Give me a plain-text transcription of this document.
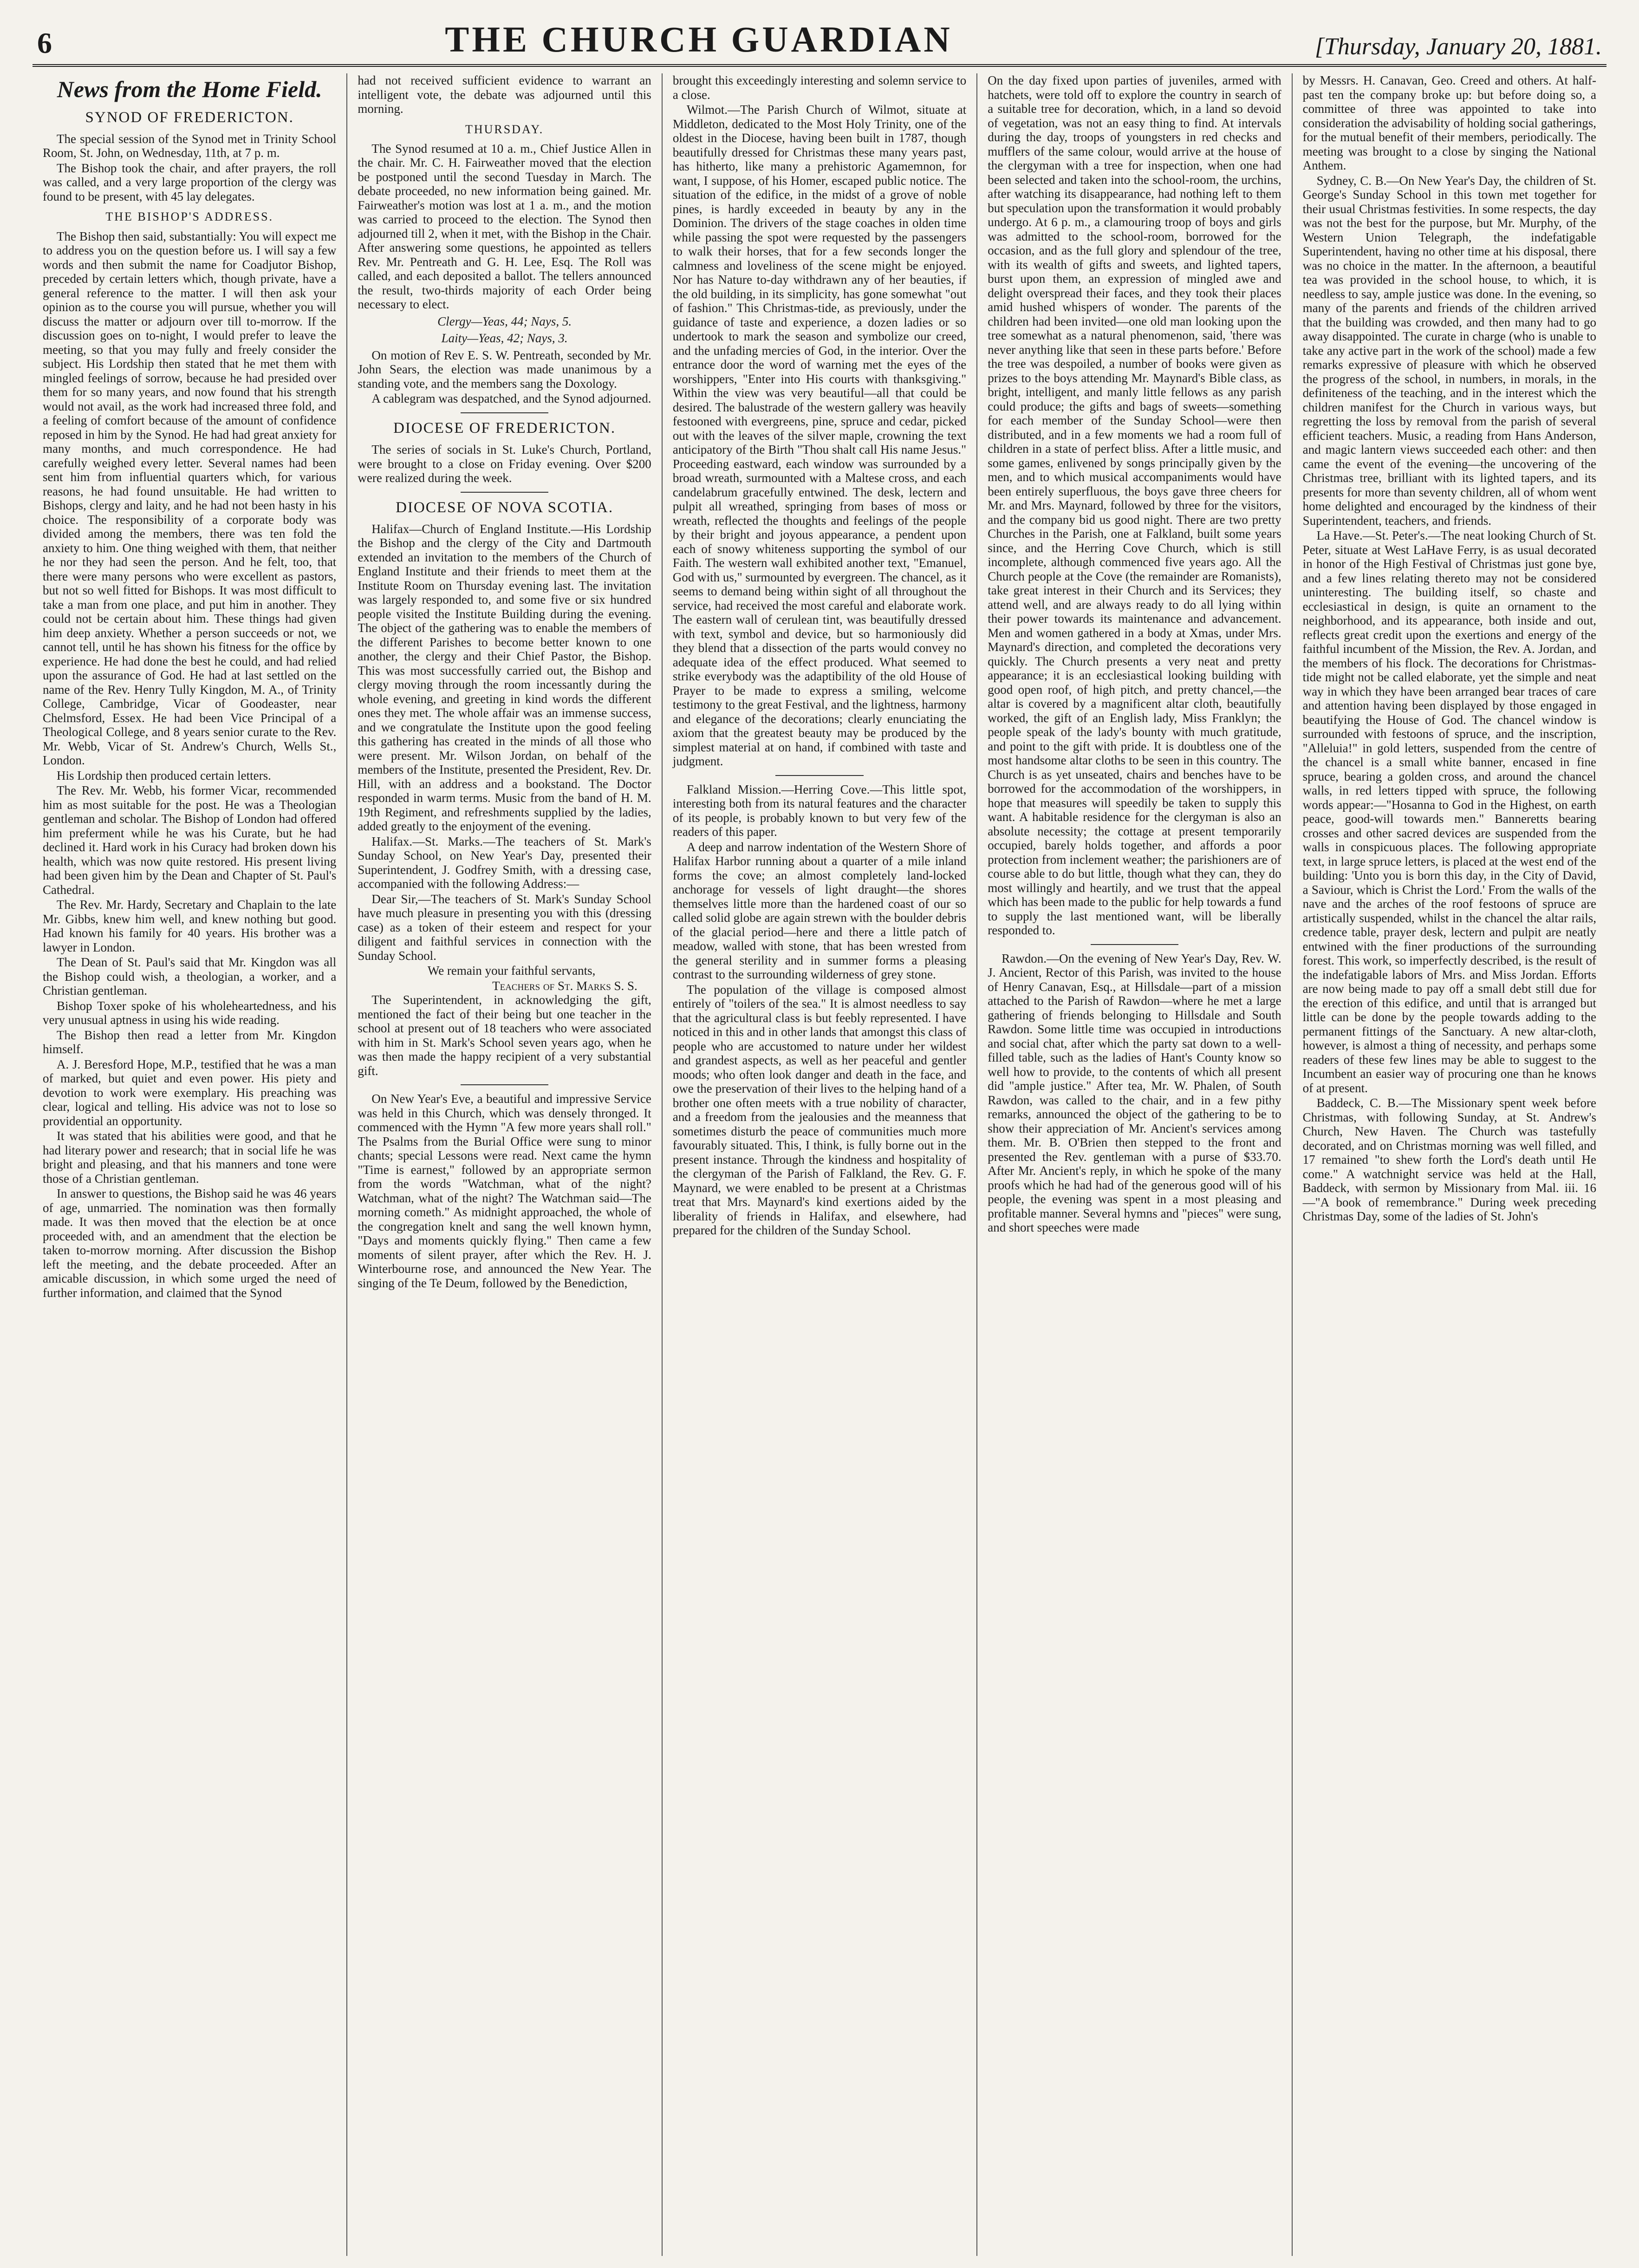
6	THE CHURCH GUARDIAN	[Thursday, January 20, 1881.
News from the Home Field.
SYNOD OF FREDERICTON.

The special session of the Synod met in Trinity School Room, St. John, on Wednesday, 11th, at 7 p. m.

The Bishop took the chair, and after prayers, the roll was called, and a very large proportion of the clergy was found to be present, with 45 lay delegates.

THE BISHOP'S ADDRESS.

The Bishop then said, substantially: You will expect me to address you on the question before us. I will say a few words and then submit the name for Coadjutor Bishop, preceded by certain letters which, though private, have a general reference to the matter. I will then ask your opinion as to the course you will pursue, whether you will discuss the matter or adjourn over till to-morrow. If the discussion goes on to-night, I would prefer to leave the meeting, so that you may fully and freely consider the subject. His Lordship then stated that he met them with mingled feelings of sorrow, because he had presided over them for so many years, and now found that his strength would not avail, as the work had increased three fold, and a feeling of comfort because of the amount of confidence reposed in him by the Synod. He had had great anxiety for many months, and much correspondence. He had carefully weighed every letter. Several names had been sent him from influential quarters which, for various reasons, he had found unsuitable. He had written to Bishops, clergy and laity, and he had not been hasty in his choice. The responsibility of a corporate body was divided among the members, there was ten fold the anxiety to him. One thing weighed with them, that neither he nor they had seen the person. And he felt, too, that there were many persons who were excellent as pastors, but not so well fitted for Bishops. It was most difficult to take a man from one place, and put him in another. They could not be certain about him. These things had given him deep anxiety. Whether a person succeeds or not, we cannot tell, until he has shown his fitness for the office by experience. He had done the best he could, and had relied upon the assurance of God. He had at last settled on the name of the Rev. Henry Tully Kingdon, M. A., of Trinity College, Cambridge, Vicar of Goodeaster, near Chelmsford, Essex. He had been Vice Principal of a Theological College, and 8 years senior curate to the Rev. Mr. Webb, Vicar of St. Andrew's Church, Wells St., London.

His Lordship then produced certain letters.

The Rev. Mr. Webb, his former Vicar, recommended him as most suitable for the post. He was a Theologian gentleman and scholar. The Bishop of London had offered him preferment while he was his Curate, but he had declined it. Hard work in his Curacy had broken down his health, which was now quite restored. His present living had been given him by the Dean and Chapter of St. Paul's Cathedral.

The Rev. Mr. Hardy, Secretary and Chaplain to the late Mr. Gibbs, knew him well, and knew nothing but good. Had known his family for 40 years. His brother was a lawyer in London.

The Dean of St. Paul's said that Mr. Kingdon was all the Bishop could wish, a theologian, a worker, and a Christian gentleman.

Bishop Toxer spoke of his wholeheartedness, and his very unusual aptness in using his wide reading.

The Bishop then read a letter from Mr. Kingdon himself.

A. J. Beresford Hope, M.P., testified that he was a man of marked, but quiet and even power. His piety and devotion to work were exemplary. His preaching was clear, logical and telling. His advice was not to lose so providential an opportunity.

It was stated that his abilities were good, and that he had literary power and research; that in social life he was bright and pleasing, and that his manners and tone were those of a Christian gentleman.

In answer to questions, the Bishop said he was 46 years of age, unmarried. The nomination was then formally made. It was then moved that the election be at once proceeded with, and an amendment that the election be taken to-morrow morning. After discussion the Bishop left the meeting, and the debate proceeded. After an amicable discussion, in which some urged the need of further information, and claimed that the Synod

had not received sufficient evidence to warrant an intelligent vote, the debate was adjourned until this morning.

THURSDAY.

The Synod resumed at 10 a. m., Chief Justice Allen in the chair. Mr. C. H. Fairweather moved that the election be postponed until the second Tuesday in March. The debate proceeded, no new information being gained. Mr. Fairweather's motion was lost at 1 a. m., and the motion was carried to proceed to the election. The Synod then adjourned till 2, when it met, with the Bishop in the Chair. After answering some questions, he appointed as tellers Rev. Mr. Pentreath and G. H. Lee, Esq. The Roll was called, and each deposited a ballot. The tellers announced the result, two-thirds majority of each Order being necessary to elect.

Clergy—Yeas, 44; Nays, 5.
Laity—Yeas, 42; Nays, 3.

On motion of Rev E. S. W. Pentreath, seconded by Mr. John Sears, the election was made unanimous by a standing vote, and the members sang the Doxology.

A cablegram was despatched, and the Synod adjourned.

DIOCESE OF FREDERICTON.

The series of socials in St. Luke's Church, Portland, were brought to a close on Friday evening. Over $200 were realized during the week.

DIOCESE OF NOVA SCOTIA.

Halifax—Church of England Institute.—His Lordship the Bishop and the clergy of the City and Dartmouth extended an invitation to the members of the Church of England Institute and their friends to meet them at the Institute Room on Thursday evening last. The invitation was largely responded to, and some five or six hundred people visited the Institute Building during the evening. The object of the gathering was to enable the members of the different Parishes to become better known to one another, the clergy and their Chief Pastor, the Bishop. This was most successfully carried out, the Bishop and clergy moving through the room incessantly during the whole evening, and greeting in kind words the different ones they met. The whole affair was an immense success, and we congratulate the Institute upon the good feeling this gathering has created in the minds of all those who were present. Mr. Wilson Jordan, on behalf of the members of the Institute, presented the President, Rev. Dr. Hill, with an address and a bookstand. The Doctor responded in warm terms. Music from the band of H. M. 19th Regiment, and refreshments supplied by the ladies, added greatly to the enjoyment of the evening.

Halifax.—St. Marks.—The teachers of St. Mark's Sunday School, on New Year's Day, presented their Superintendent, J. Godfrey Smith, with a dressing case, accompanied with the following Address:—

Dear Sir,—The teachers of St. Mark's Sunday School have much pleasure in presenting you with this (dressing case) as a token of their esteem and respect for your diligent and faithful services in connection with the Sunday School.

We remain your faithful servants,

Teachers of St. Marks S. S.

The Superintendent, in acknowledging the gift, mentioned the fact of their being but one teacher in the school at present out of 18 teachers who were associated with him in St. Mark's School seven years ago, when he was then made the happy recipient of a very substantial gift.

On New Year's Eve, a beautiful and impressive Service was held in this Church, which was densely thronged. It commenced with the Hymn "A few more years shall roll." The Psalms from the Burial Office were sung to minor chants; special Lessons were read. Next came the hymn "Time is earnest," followed by an appropriate sermon from the words "Watchman, what of the night? Watchman, what of the night? The Watchman said—The morning cometh." As midnight approached, the whole of the congregation knelt and sang the well known hymn, "Days and moments quickly flying." Then came a few moments of silent prayer, after which the Rev. H. J. Winterbourne rose, and announced the New Year. The singing of the Te Deum, followed by the Benediction,

brought this exceedingly interesting and solemn service to a close.

Wilmot.—The Parish Church of Wilmot, situate at Middleton, dedicated to the Most Holy Trinity, one of the oldest in the Diocese, having been built in 1787, though beautifully dressed for Christmas these many years past, has hitherto, like many a prehistoric Agamemnon, for want, I suppose, of his Homer, escaped public notice. The situation of the edifice, in the midst of a grove of noble pines, is hardly exceeded in beauty by any in the Dominion. The drivers of the stage coaches in olden time while passing the spot were requested by the passengers to walk their horses, that for a few seconds longer the calmness and loveliness of the scene might be enjoyed. Nor has Nature to-day withdrawn any of her beauties, if the old building, in its simplicity, has gone somewhat "out of fashion." This Christmas-tide, as previously, under the guidance of taste and experience, a dozen ladies or so undertook to mark the season and symbolize our creed, and the unfading mercies of God, in the interior. Over the entrance door the word of warning met the eyes of the worshippers, "Enter into His courts with thanksgiving." Within the view was very beautiful—all that could be desired. The balustrade of the western gallery was heavily festooned with evergreens, pine, spruce and cedar, picked out with the leaves of the silver maple, crowning the text anticipatory of the Birth "Thou shalt call His name Jesus." Proceeding eastward, each window was surrounded by a broad wreath, surmounted with a Maltese cross, and each candelabrum gracefully entwined. The desk, lectern and pulpit all wreathed, springing from bases of moss or wreath, reflected the thoughts and feelings of the people by their bright and joyous appearance, a pendent upon each of snowy whiteness supporting the symbol of our Faith. The western wall exhibited another text, "Emanuel, God with us," surmounted by evergreen. The chancel, as it seems to demand being within sight of all throughout the service, had received the most careful and elaborate work. The eastern wall of cerulean tint, was beautifully dressed with text, symbol and device, but so harmoniously did they blend that a dissection of the parts would convey no adequate idea of the effect produced. What seemed to strike everybody was the adaptibility of the old House of Prayer to be made to express a smiling, welcome testimony to the great Festival, and the lightness, harmony and elegance of the decorations; clearly enunciating the axiom that the greatest beauty may be produced by the simplest material at on hand, if combined with taste and judgment.

Falkland Mission.—Herring Cove.—This little spot, interesting both from its natural features and the character of its people, is probably known to but very few of the readers of this paper.

A deep and narrow indentation of the Western Shore of Halifax Harbor running about a quarter of a mile inland forms the cove; an almost completely land-locked anchorage for vessels of light draught—the shores themselves little more than the hardened coast of our so called solid globe are again strewn with the boulder debris of the glacial period—here and there a little patch of meadow, walled with stone, that has been wrested from the general sterility and in summer forms a pleasing contrast to the surrounding wilderness of grey stone.

The population of the village is composed almost entirely of "toilers of the sea." It is almost needless to say that the agricultural class is but feebly represented. I have noticed in this and in other lands that amongst this class of people who are accustomed to nature under her wildest and grandest aspects, as well as her peaceful and gentler moods; who often look danger and death in the face, and owe the preservation of their lives to the helping hand of a brother one often meets with a true nobility of character, and a freedom from the jealousies and the meanness that sometimes disturb the peace of communities much more favourably situated. This, I think, is fully borne out in the present instance. Through the kindness and hospitality of the clergyman of the Parish of Falkland, the Rev. G. F. Maynard, we were enabled to be present at a Christmas treat that Mrs. Maynard's kind exertions aided by the liberality of friends in Halifax, and elsewhere, had prepared for the children of the Sunday School.

On the day fixed upon parties of juveniles, armed with hatchets, were told off to explore the country in search of a suitable tree for decoration, which, in a land so devoid of vegetation, was not an easy thing to find. At intervals during the day, troops of youngsters in red checks and mufflers of the same colour, would arrive at the house of the clergyman with a tree for inspection, when one had been selected and taken into the school-room, the urchins, after watching its disappearance, had nothing left to them but speculation upon the transformation it would probably undergo. At 6 p. m., a clamouring troop of boys and girls was admitted to the school-room, borrowed for the occasion, and as the full glory and splendour of the tree, with its wealth of gifts and sweets, and lighted tapers, burst upon them, an expression of mingled awe and delight overspread their faces, and they took their places amid hushed whispers of wonder. The parents of the children had been invited—one old man looking upon the tree somewhat as a natural phenomenon, said, 'there was never anything like that seen in these parts before.' Before the tree was despoiled, a number of books were given as prizes to the boys attending Mr. Maynard's Bible class, as bright, intelligent, and manly little fellows as any parish could produce; the gifts and bags of sweets—something for each member of the Sunday School—were then distributed, and in a few moments we had a room full of children in a state of perfect bliss. After a little music, and some games, enlivened by songs principally given by the men, and to which musical accompaniments would have been entirely superfluous, the boys gave three cheers for Mr. and Mrs. Maynard, followed by three for the visitors, and the company bid us good night. There are two pretty Churches in the Parish, one at Falkland, built some years since, and the Herring Cove Church, which is still incomplete, although commenced five years ago. All the Church people at the Cove (the remainder are Romanists), take great interest in their Church and its Services; they attend well, and are always ready to do all lying within their power towards its maintenance and advancement. Men and women gathered in a body at Xmas, under Mrs. Maynard's direction, and completed the decorations very quickly. The Church presents a very neat and pretty appearance; it is an ecclesiastical looking building with good open roof, of high pitch, and pretty chancel,—the altar is covered by a magnificent altar cloth, beautifully worked, the gift of an English lady, Miss Franklyn; the people speak of the lady's bounty with much gratitude, and point to the gift with pride. It is doubtless one of the most handsome altar cloths to be seen in this country. The Church is as yet unseated, chairs and benches have to be borrowed for the accommodation of the worshippers, in hope that measures will speedily be taken to supply this want. A habitable residence for the clergyman is also an absolute necessity; the cottage at present temporarily occupied, barely holds together, and affords a poor protection from inclement weather; the parishioners are of course able to do but little, though what they can, they do most willingly and heartily, and we trust that the appeal which has been made to the public for help towards a fund to supply the last mentioned want, will be liberally responded to.

Rawdon.—On the evening of New Year's Day, Rev. W. J. Ancient, Rector of this Parish, was invited to the house of Henry Canavan, Esq., at Hillsdale—part of a mission attached to the Parish of Rawdon—where he met a large gathering of friends belonging to Hillsdale and South Rawdon. Some little time was occupied in introductions and social chat, after which the party sat down to a well-filled table, such as the ladies of Hant's County know so well how to provide, to the contents of which all present did "ample justice." After tea, Mr. W. Phalen, of South Rawdon, was called to the chair, and in a few pithy remarks, announced the object of the gathering to be to show their appreciation of Mr. Ancient's services among them. Mr. B. O'Brien then stepped to the front and presented the Rev. gentleman with a purse of $33.70. After Mr. Ancient's reply, in which he spoke of the many proofs which he had had of the generous good will of his people, the evening was spent in a most pleasing and profitable manner. Several hymns and "pieces" were sung, and short speeches were made

by Messrs. H. Canavan, Geo. Creed and others. At half-past ten the company broke up: but before doing so, a committee of three was appointed to take into consideration the advisability of holding social gatherings, for the mutual benefit of their members, periodically. The meeting was brought to a close by singing the National Anthem.

Sydney, C. B.—On New Year's Day, the children of St. George's Sunday School in this town met together for their usual Christmas festivities. In some respects, the day was not the best for the purpose, but Mr. Murphy, of the Western Union Telegraph, the indefatigable Superintendent, having no other time at his disposal, there was no choice in the matter. In the afternoon, a beautiful tea was provided in the school house, to which, it is needless to say, ample justice was done. In the evening, so many of the parents and friends of the children arrived that the building was crowded, and then many had to go away disappointed. The curate in charge (who is unable to take any active part in the work of the school) made a few remarks expressive of pleasure with which he observed the progress of the school, in numbers, in morals, in the definiteness of the teaching, and in the interest which the children manifest for the Church in various ways, but regretting the loss by removal from the parish of several efficient teachers. Music, a reading from Hans Anderson, and magic lantern views succeeded each other: and then came the event of the evening—the uncovering of the Christmas tree, brilliant with its lighted tapers, and its presents for more than seventy children, all of whom went home delighted and encouraged by the kindness of their Superintendent, teachers, and friends.

La Have.—St. Peter's.—The neat looking Church of St. Peter, situate at West LaHave Ferry, is as usual decorated in honor of the High Festival of Christmas just gone bye, and a few lines relating thereto may not be considered uninteresting. The building itself, so chaste and ecclesiastical in design, is quite an ornament to the neighborhood, and its appearance, both inside and out, reflects great credit upon the exertions and energy of the faithful incumbent of the Mission, the Rev. A. Jordan, and the members of his flock. The decorations for Christmas-tide might not be called elaborate, yet the simple and neat way in which they have been arranged bear traces of care and attention having been displayed by those engaged in beautifying the House of God. The chancel window is surrounded with festoons of spruce, and the inscription, "Alleluia!" in gold letters, suspended from the centre of the chancel is a small white banner, encased in fine spruce, bearing a golden cross, and around the chancel walls, in red letters tipped with spruce, the following words appear:—"Hosanna to God in the Highest, on earth peace, good-will towards men." Banneretts bearing crosses and other sacred devices are suspended from the walls in conspicuous places. The following appropriate text, in large spruce letters, is placed at the west end of the building: 'Unto you is born this day, in the City of David, a Saviour, which is Christ the Lord.' From the walls of the nave and the arches of the roof festoons of spruce are artistically suspended, whilst in the chancel the altar rails, credence table, prayer desk, lectern and pulpit are neatly entwined with the finer productions of the surrounding forest. This work, so imperfectly described, is the result of the indefatigable labors of Mrs. and Miss Jordan. Efforts are now being made to pay off a small debt still due for the erection of this edifice, and until that is arranged but little can be done by the people towards adding to the permanent fittings of the Sanctuary. A new altar-cloth, however, is almost a thing of necessity, and perhaps some readers of these few lines may be able to suggest to the Incumbent an easier way of procuring one than he knows of at present.

Baddeck, C. B.—The Missionary spent week before Christmas, with following Sunday, at St. Andrew's Church, New Haven. The Church was tastefully decorated, and on Christmas morning was well filled, and 17 remained "to shew forth the Lord's death until He come." A watchnight service was held at the Hall, Baddeck, with sermon by Missionary from Mal. iii. 16—"A book of remembrance." During week preceding Christmas Day, some of the ladies of St. John's
